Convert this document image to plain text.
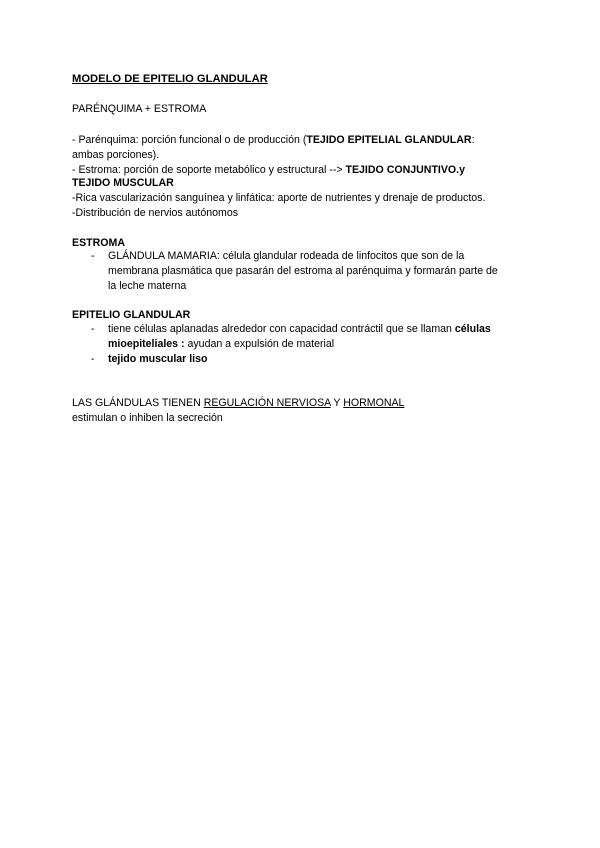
MODELO DE EPITELIO GLANDULAR
PARÉNQUIMA + ESTROMA
- Parénquima: porción funcional o de producción (TEJIDO EPITELIAL GLANDULAR:
ambas porciones).
- Estroma: porción de soporte metabólico y estructural --> TEJIDO CONJUNTIVO.y
TEJIDO MUSCULAR
-Rica vascularización sanguínea y linfática: aporte de nutrientes y drenaje de productos.
-Distribución de nervios autónomos
ESTROMA
- GLÁNDULA MAMARIA: célula glandular rodeada de linfocitos que son de la
membrana plasmática que pasarán del estroma al parénquima y formarán parte de
la leche materna
EPITELIO GLANDULAR
- tiene células aplanadas alrededor con capacidad contráctil que se llaman células
mioepiteliales : ayudan a expulsión de material
- tejido muscular liso
LAS GLÁNDULAS TIENEN REGULACIÓN NERVIOSA Y HORMONAL
estimulan o inhiben la secreción
